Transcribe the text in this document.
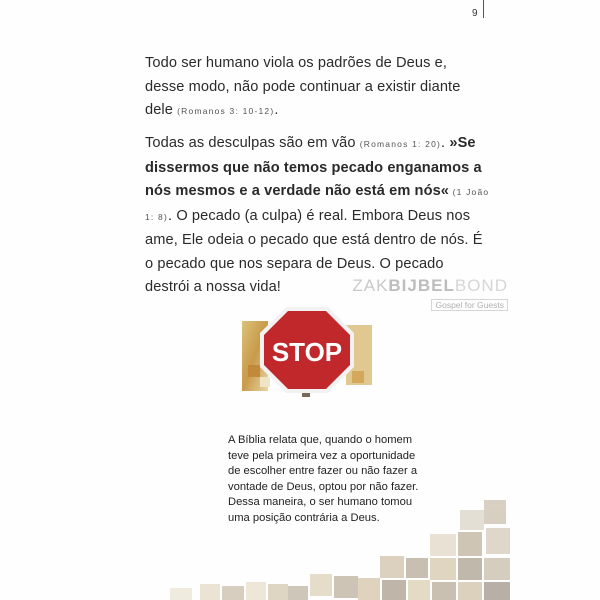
9
Todo ser humano viola os padrões de Deus e, desse modo, não pode continuar a existir diante dele (Romanos 3: 10-12).
Todas as desculpas são em vão (Romanos 1: 20). »Se dissermos que não temos pecado enganamos a nós mesmos e a verdade não está em nós« (1 João 1: 8). O pecado (a culpa) é real. Embora Deus nos ame, Ele odeia o pecado que está dentro de nós. É o pecado que nos separa de Deus. O pecado destrói a nossa vida!	ZAKBIJBELBOND
Gospel for Guests
STOP
A Bíblia relata que, quando o homem teve pela primeira vez a oportunidade de escolher entre fazer ou não fazer a vontade de Deus, optou por não fazer. Dessa maneira, o ser humano tomou uma posição contrária a Deus.
